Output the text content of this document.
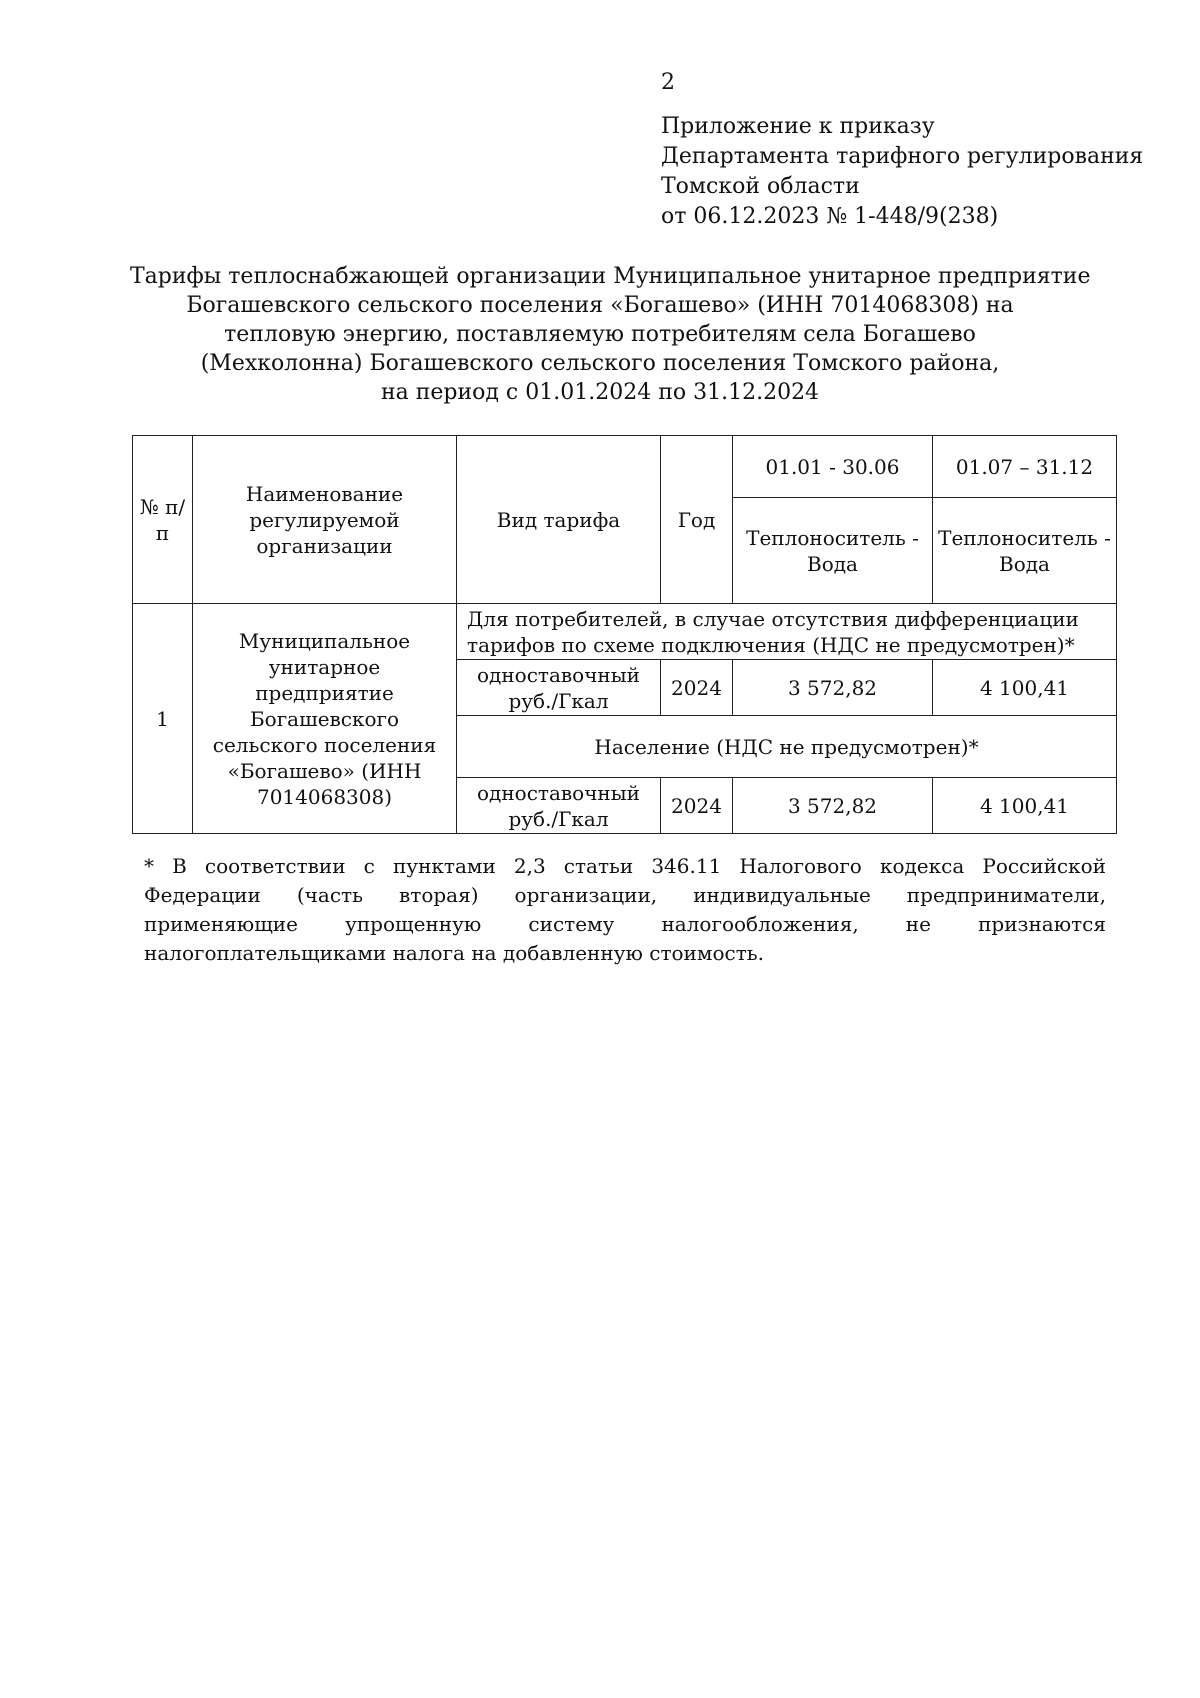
2
Приложение к приказу
Департамента тарифного регулирования
Томской области
от 06.12.2023 № 1-448/9(238)
Тарифы теплоснабжающей организации Муниципальное унитарное предприятие
Богашевского сельского поселения «Богашево» (ИНН 7014068308) на
тепловую энергию, поставляемую потребителям села Богашево
(Мехколонна) Богашевского сельского поселения Томского района,
на период с 01.01.2024 по 31.12.2024
№ п/п	Наименование регулируемой организации	Вид тарифа	Год	01.01 - 30.06	01.07 – 31.12
				Теплоноситель - Вода	Теплоноситель - Вода
1	Муниципальное унитарное предприятие Богашевского сельского поселения «Богашево» (ИНН 7014068308)	Для потребителей, в случае отсутствия дифференциации тарифов по схеме подключения (НДС не предусмотрен)*			
		одноставочный руб./Гкал	2024	3 572,82	4 100,41
		Население (НДС не предусмотрен)*			
		одноставочный руб./Гкал	2024	3 572,82	4 100,41
* В соответствии с пунктами 2,3 статьи 346.11 Налогового кодекса Российской Федерации (часть вторая) организации, индивидуальные предприниматели, применяющие упрощенную систему налогообложения, не признаются налогоплательщиками налога на добавленную стоимость.
